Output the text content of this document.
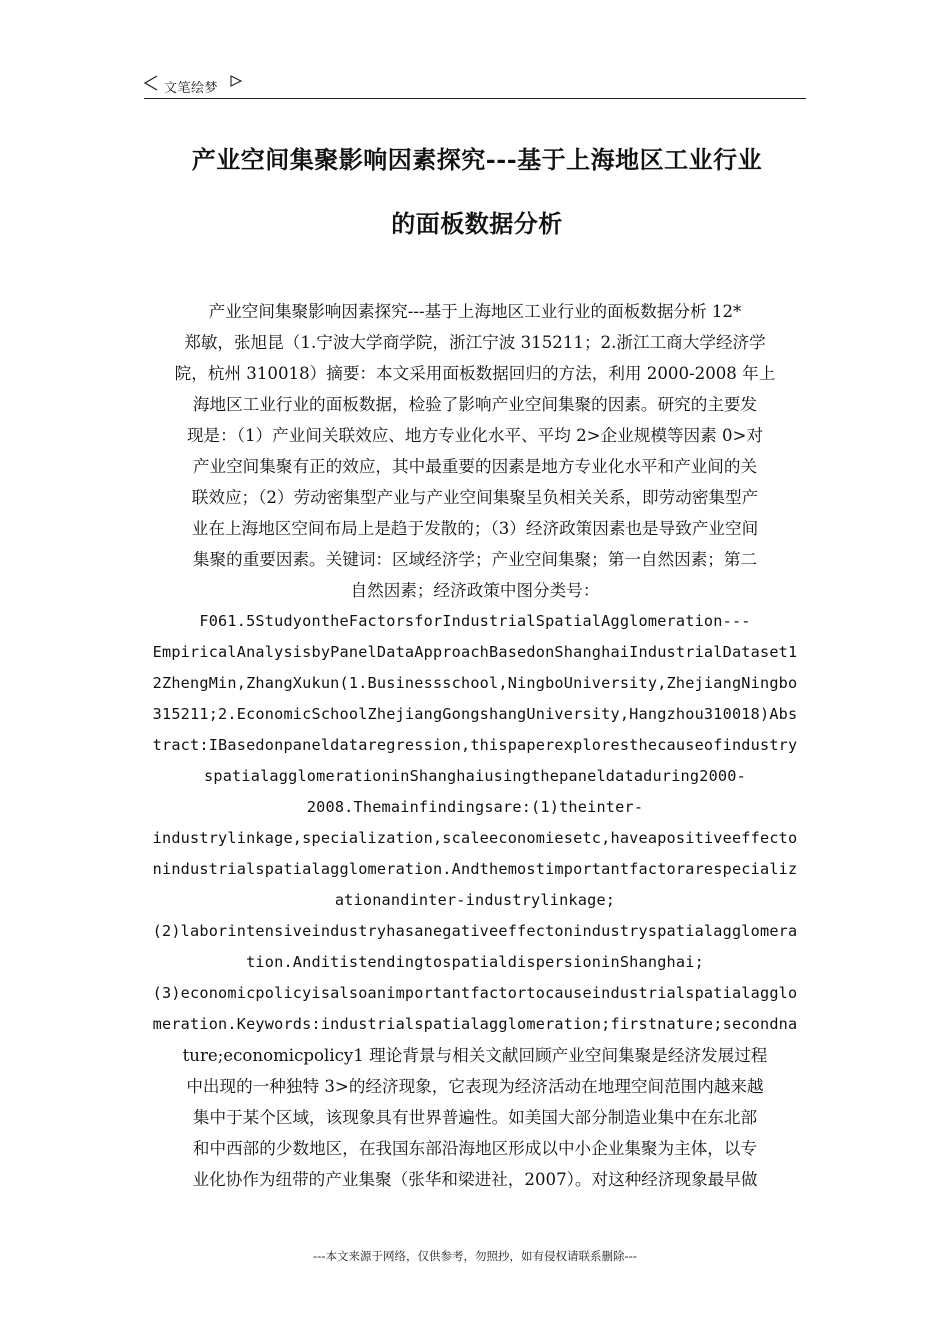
文笔绘梦
产业空间集聚影响因素探究---基于上海地区工业行业
的面板数据分析
产业空间集聚影响因素探究---基于上海地区工业行业的面板数据分析 12*
郑敏，张旭昆（1.宁波大学商学院，浙江宁波 315211；2.浙江工商大学经济学
院，杭州 310018）摘要：本文采用面板数据回归的方法，利用 2000-2008 年上
海地区工业行业的面板数据，检验了影响产业空间集聚的因素。研究的主要发
现是：（1）产业间关联效应、地方专业化水平、平均 2>企业规模等因素 0>对
产业空间集聚有正的效应，其中最重要的因素是地方专业化水平和产业间的关
联效应；（2）劳动密集型产业与产业空间集聚呈负相关关系，即劳动密集型产
业在上海地区空间布局上是趋于发散的；（3）经济政策因素也是导致产业空间
集聚的重要因素。关键词：区域经济学；产业空间集聚；第一自然因素；第二
自然因素；经济政策中图分类号：
F061.5StudyontheFactorsforIndustrialSpatialAgglomeration---
EmpiricalAnalysisbyPanelDataApproachBasedonShanghaiIndustrialDataset1
2ZhengMin,ZhangXukun(1.Businessschool,NingboUniversity,ZhejiangNingbo
315211;2.EconomicSchoolZhejiangGongshangUniversity,Hangzhou310018)Abs
tract:IBasedonpaneldataregression,thispaperexploresthecauseofindustry
spatialagglomerationinShanghaiusingthepaneldataduring2000-
2008.Themainfindingsare:(1)theinter-
industrylinkage,specialization,scaleeconomiesetc,haveapositiveeffecto
nindustrialspatialagglomeration.Andthemostimportantfactorarespecializ
ationandinter-industrylinkage;
(2)laborintensiveindustryhasanegativeeffectonindustryspatialagglomera
tion.AnditistendingtospatialdispersioninShanghai;
(3)economicpolicyisalsoanimportantfactortocauseindustrialspatialagglo
meration.Keywords:industrialspatialagglomeration;firstnature;secondna
ture;economicpolicy1 理论背景与相关文献回顾产业空间集聚是经济发展过程
中出现的一种独特 3>的经济现象，它表现为经济活动在地理空间范围内越来越
集中于某个区域，该现象具有世界普遍性。如美国大部分制造业集中在东北部
和中西部的少数地区，在我国东部沿海地区形成以中小企业集聚为主体，以专
业化协作为纽带的产业集聚（张华和梁进社，2007）。对这种经济现象最早做
---本文来源于网络，仅供参考，勿照抄，如有侵权请联系删除---
